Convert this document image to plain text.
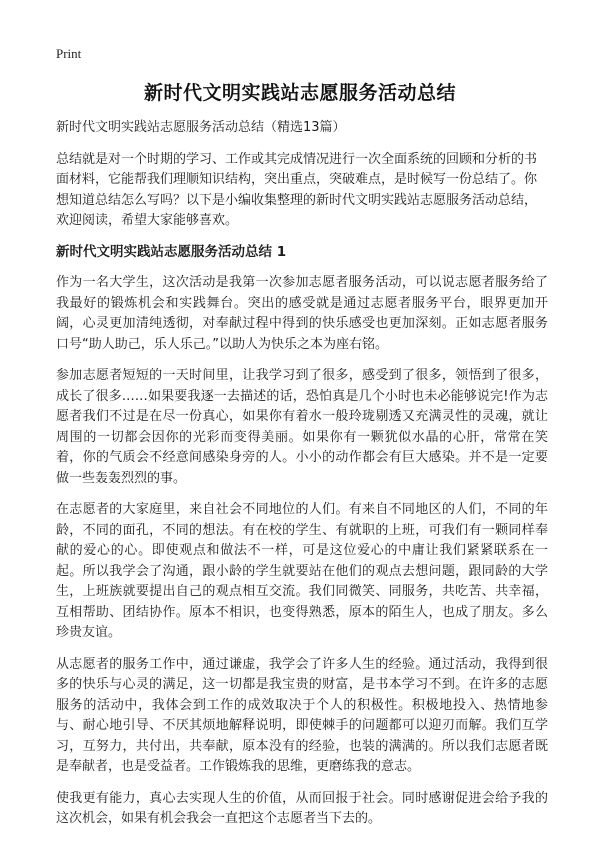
Print
新时代文明实践站志愿服务活动总结

新时代文明实践站志愿服务活动总结（精选13篇）

总结就是对一个时期的学习、工作或其完成情况进行一次全面系统的回顾和分析的书面材料，它能帮我们理顺知识结构，突出重点，突破难点，是时候写一份总结了。你想知道总结怎么写吗？以下是小编收集整理的新时代文明实践站志愿服务活动总结，欢迎阅读，希望大家能够喜欢。

新时代文明实践站志愿服务活动总结 1

作为一名大学生，这次活动是我第一次参加志愿者服务活动，可以说志愿者服务给了我最好的锻炼机会和实践舞台。突出的感受就是通过志愿者服务平台，眼界更加开阔，心灵更加清纯透彻，对奉献过程中得到的快乐感受也更加深刻。正如志愿者服务口号“助人助己，乐人乐己。”以助人为快乐之本为座右铭。

参加志愿者短短的一天时间里，让我学习到了很多，感受到了很多，领悟到了很多，成长了很多……如果要我逐一去描述的话，恐怕真是几个小时也未必能够说完!作为志愿者我们不过是在尽一份真心，如果你有着水一般玲珑剔透又充满灵性的灵魂，就让周围的一切都会因你的光彩而变得美丽。如果你有一颗犹似水晶的心肝，常常在笑着，你的气质会不经意间感染身旁的人。小小的动作都会有巨大感染。并不是一定要做一些轰轰烈烈的事。

在志愿者的大家庭里，来自社会不同地位的人们。有来自不同地区的人们，不同的年龄，不同的面孔，不同的想法。有在校的学生、有就职的上班，可我们有一颗同样奉献的爱心的心。即使观点和做法不一样，可是这位爱心的中庸让我们紧紧联系在一起。所以我学会了沟通，跟小龄的学生就要站在他们的观点去想问题，跟同龄的大学生，上班族就要提出自己的观点相互交流。我们同微笑、同服务，共吃苦、共幸福，互相帮助、团结协作。原本不相识，也变得熟悉，原本的陌生人，也成了朋友。多么珍贵友谊。

从志愿者的服务工作中，通过谦虚，我学会了许多人生的经验。通过活动，我得到很多的快乐与心灵的满足，这一切都是我宝贵的财富，是书本学习不到。在许多的志愿服务的活动中，我体会到工作的成效取决于个人的积极性。积极地投入、热情地参与、耐心地引导、不厌其烦地解释说明，即使棘手的问题都可以迎刃而解。我们互学习，互努力，共付出，共奉献，原本没有的经验，也装的满满的。所以我们志愿者既是奉献者，也是受益者。工作锻炼我的思维，更磨练我的意志。

使我更有能力，真心去实现人生的价值，从而回报于社会。同时感谢促进会给予我的这次机会，如果有机会我会一直把这个志愿者当下去的。
